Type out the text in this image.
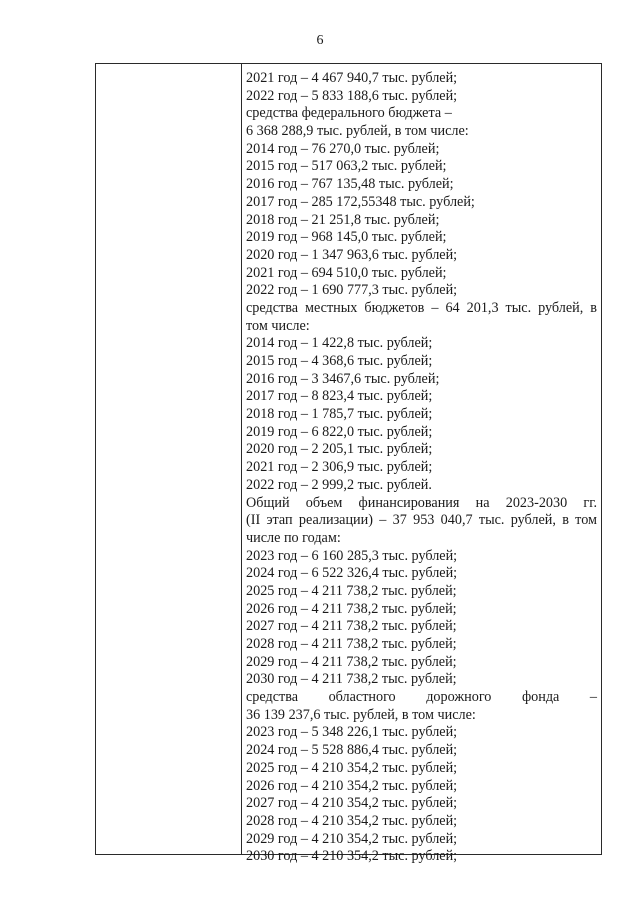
6
2021 год – 4 467 940,7 тыс. рублей;
2022 год – 5 833 188,6 тыс. рублей;
средства федерального бюджета –
6 368 288,9 тыс. рублей, в том числе:
2014 год – 76 270,0 тыс. рублей;
2015 год – 517 063,2 тыс. рублей;
2016 год – 767 135,48 тыс. рублей;
2017 год – 285 172,55348 тыс. рублей;
2018 год – 21 251,8 тыс. рублей;
2019 год – 968 145,0 тыс. рублей;
2020 год – 1 347 963,6 тыс. рублей;
2021 год – 694 510,0 тыс. рублей;
2022 год – 1 690 777,3 тыс. рублей;
средства местных бюджетов – 64 201,3 тыс. рублей, в
том числе:
2014 год – 1 422,8 тыс. рублей;
2015 год – 4 368,6 тыс. рублей;
2016 год – 3 3467,6 тыс. рублей;
2017 год – 8 823,4 тыс. рублей;
2018 год – 1 785,7 тыс. рублей;
2019 год – 6 822,0 тыс. рублей;
2020 год – 2 205,1 тыс. рублей;
2021 год – 2 306,9 тыс. рублей;
2022 год – 2 999,2 тыс. рублей.
Общий объем финансирования на 2023-2030 гг.
(II этап реализации) – 37 953 040,7 тыс. рублей, в том
числе по годам:
2023 год – 6 160 285,3 тыс. рублей;
2024 год – 6 522 326,4 тыс. рублей;
2025 год – 4 211 738,2 тыс. рублей;
2026 год – 4 211 738,2 тыс. рублей;
2027 год – 4 211 738,2 тыс. рублей;
2028 год – 4 211 738,2 тыс. рублей;
2029 год – 4 211 738,2 тыс. рублей;
2030 год – 4 211 738,2 тыс. рублей;
средства областного дорожного фонда –
36 139 237,6 тыс. рублей, в том числе:
2023 год – 5 348 226,1 тыс. рублей;
2024 год – 5 528 886,4 тыс. рублей;
2025 год – 4 210 354,2 тыс. рублей;
2026 год – 4 210 354,2 тыс. рублей;
2027 год – 4 210 354,2 тыс. рублей;
2028 год – 4 210 354,2 тыс. рублей;
2029 год – 4 210 354,2 тыс. рублей;
2030 год – 4 210 354,2 тыс. рублей;
